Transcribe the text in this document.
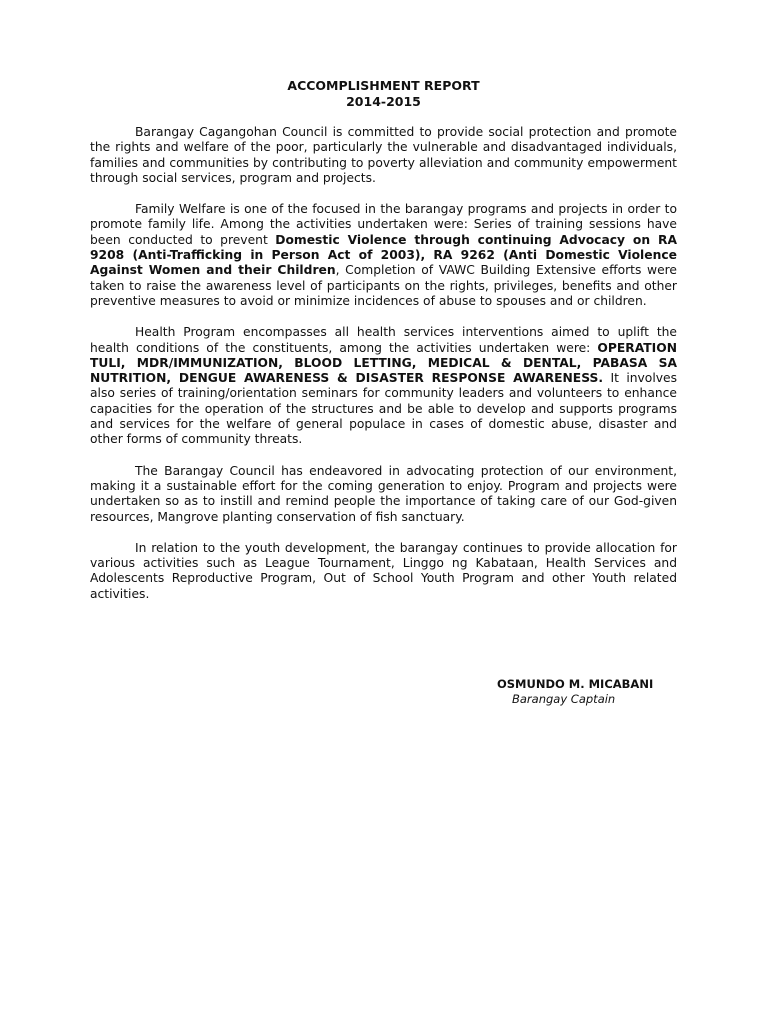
ACCOMPLISHMENT REPORT

2014-2015

Barangay Cagangohan Council is committed to provide social protection and promote the rights and welfare of the poor, particularly the vulnerable and disadvantaged individuals, families and communities by contributing to poverty alleviation and community empowerment through social services, program and projects.

Family Welfare is one of the focused in the barangay programs and projects in order to promote family life. Among the activities undertaken were: Series of training sessions have been conducted to prevent Domestic Violence through continuing Advocacy on RA 9208 (Anti-Trafficking in Person Act of 2003), RA 9262 (Anti Domestic Violence Against Women and their Children, Completion of VAWC Building Extensive efforts were taken to raise the awareness level of participants on the rights, privileges, benefits and other preventive measures to avoid or minimize incidences of abuse to spouses and or children.

Health Program encompasses all health services interventions aimed to uplift the health conditions of the constituents, among the activities undertaken were: OPERATION TULI, MDR/IMMUNIZATION, BLOOD LETTING, MEDICAL & DENTAL, PABASA SA NUTRITION, DENGUE AWARENESS & DISASTER RESPONSE AWARENESS. It involves also series of training/orientation seminars for community leaders and volunteers to enhance capacities for the operation of the structures and be able to develop and supports programs and services for the welfare of general populace in cases of domestic abuse, disaster and other forms of community threats.

The Barangay Council has endeavored in advocating protection of our environment, making it a sustainable effort for the coming generation to enjoy. Program and projects were undertaken so as to instill and remind people the importance of taking care of our God-given resources, Mangrove planting conservation of fish sanctuary.

In relation to the youth development, the barangay continues to provide allocation for various activities such as League Tournament, Linggo ng Kabataan, Health Services and Adolescents Reproductive Program, Out of School Youth Program and other Youth related activities.

OSMUNDO M. MICABANI
Barangay Captain
